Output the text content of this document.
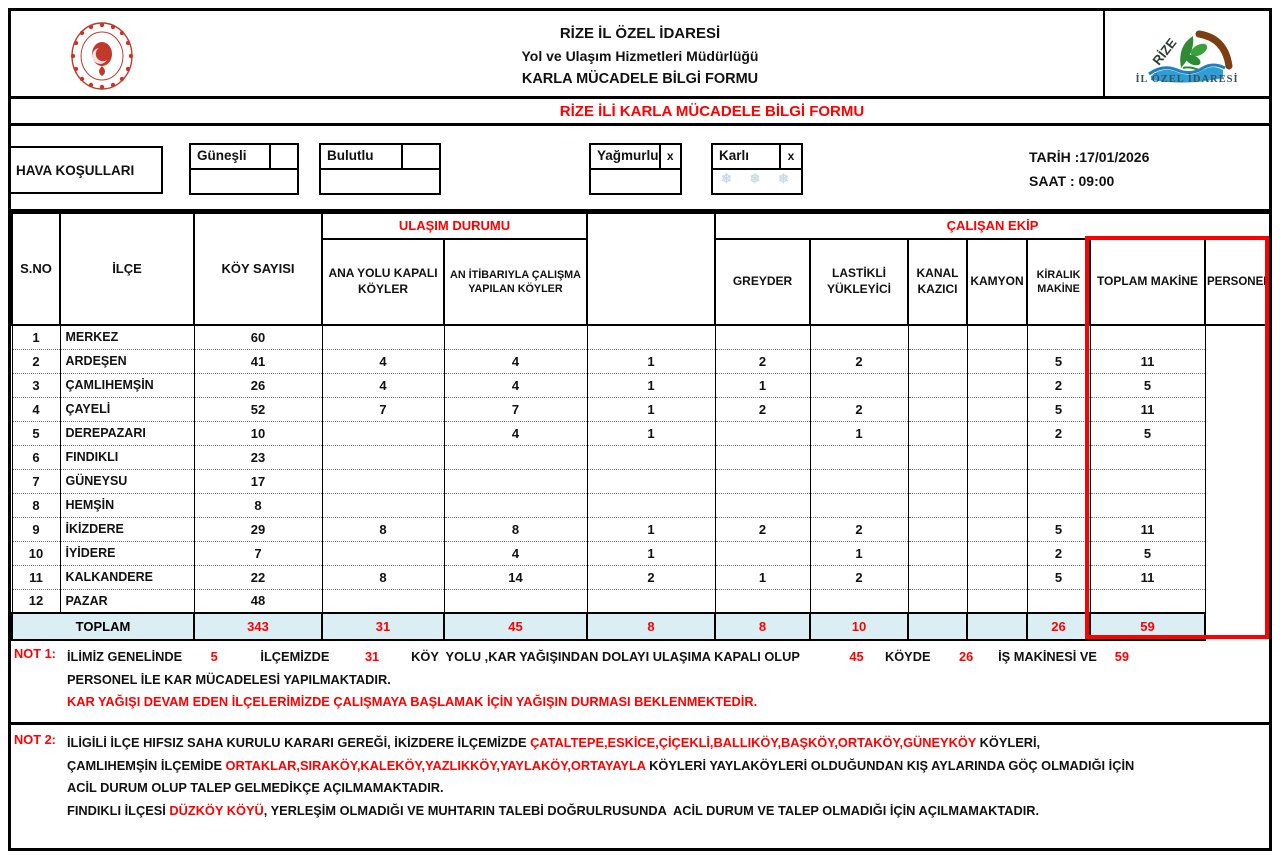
RİZE İL ÖZEL İDARESİ
Yol ve Ulaşım Hizmetleri Müdürlüğü
KARLA MÜCADELE BİLGİ FORMU
RİZE
İL ÖZEL İDARESİ
RİZE İLİ KARLA MÜCADELE BİLGİ FORMU
HAVA KOŞULLARI
Güneşli	Bulutlu	Yağmurlu x	Karlı	x
❄ ❄ ❄
TARİH :17/01/2026
SAAT : 09:00
S.NO	İLÇE	KÖY SAYISI	ULAŞIM DURUMU			ÇALIŞAN EKİP						
			ANA YOLU KAPALI KÖYLER	AN İTİBARIYLA ÇALIŞMA YAPILAN KÖYLER		GREYDER	LASTİKLİ YÜKLEYİCİ	KANAL KAZICI	KAMYON	KİRALIK MAKİNE	TOPLAM MAKİNE	PERSONEL
1	MERKEZ	60										
2	ARDEŞEN	41	4	4	1	2	2			5	11	
3	ÇAMLIHEMŞİN	26	4	4	1	1				2	5	
4	ÇAYELİ	52	7	7	1	2	2			5	11	
5	DEREPAZARI	10		4	1		1			2	5	
6	FINDIKLI	23										
7	GÜNEYSU	17										
8	HEMŞİN	8										
9	İKİZDERE	29	8	8	1	2	2			5	11	
10	İYİDERE	7		4	1		1			2	5	
11	KALKANDERE	22	8	14	2	1	2			5	11	
12	PAZAR	48										
TOPLAM		343	31	45	8	8	10			26	59	
NOT 1: İLİMİZ GENELİNDE        5            İLÇEMİZDE          31         KÖY  YOLU ,KAR YAĞIŞINDAN DOLAYI ULAŞIMA KAPALI OLUP              45      KÖYDE        26       İŞ MAKİNESİ VE     59
PERSONEL İLE KAR MÜCADELESİ YAPILMAKTADIR.
KAR YAĞIŞI DEVAM EDEN İLÇELERİMİZDE ÇALIŞMAYA BAŞLAMAK İÇİN YAĞIŞIN DURMASI BEKLENMEKTEDİR.
NOT 2: İLİGİLİ İLÇE HIFSIZ SAHA KURULU KARARI GEREĞİ, İKİZDERE İLÇEMİZDE ÇATALTEPE,ESKİCE,ÇİÇEKLİ,BALLIKÖY,BAŞKÖY,ORTAKÖY,GÜNEYKÖY KÖYLERİ,
ÇAMLIHEMŞİN İLÇEMİDE ORTAKLAR,SIRAKÖY,KALEKÖY,YAZLIKKÖY,YAYLAKÖY,ORTAYAYLA KÖYLERİ YAYLAKÖYLERİ OLDUĞUNDAN KIŞ AYLARINDA GÖÇ OLMADIĞI İÇİN
ACİL DURUM OLUP TALEP GELMEDİKÇE AÇILMAMAKTADIR.
FINDIKLI İLÇESİ DÜZKÖY KÖYÜ, YERLEŞİM OLMADIĞI VE MUHTARIN TALEBİ DOĞRULRUSUNDA  ACİL DURUM VE TALEP OLMADIĞI İÇİN AÇILMAMAKTADIR.
